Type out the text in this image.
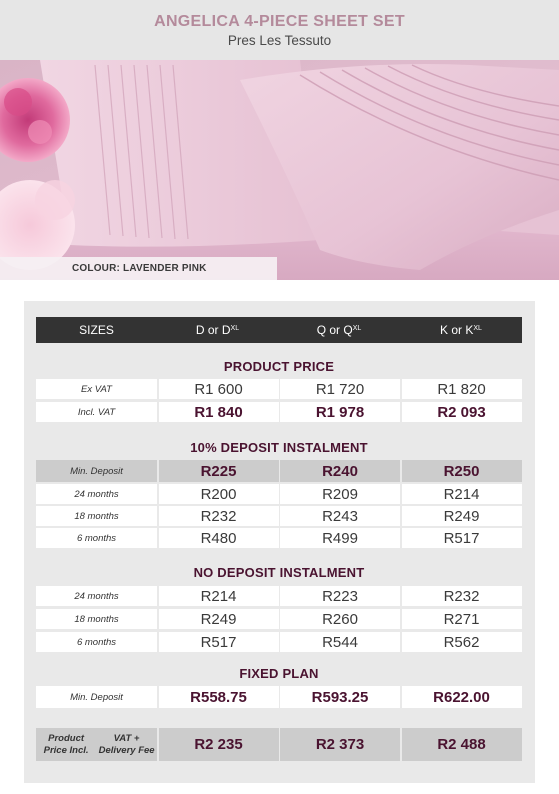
ANGELICA 4-PIECE SHEET SET
Pres Les Tessuto
COLOUR: LAVENDER PINK
SIZES	D or $D^{XL}$	Q or $Q^{XL}$	K or $K^{XL}$
PRODUCT PRICE
Ex VAT	R1 600	R1 720	R1 820
Incl. VAT	R1 840	R1 978	R2 093
10% DEPOSIT INSTALMENT
Min. Deposit	R225	R240	R250
24 months	R200	R209	R214
18 months	R232	R243	R249
6 months	R480	R499	R517
NO DEPOSIT INSTALMENT
24 months	R214	R223	R232
18 months	R249	R260	R271
6 months	R517	R544	R562
FIXED PLAN
Min. Deposit	R558.75	R593.25	R622.00
Product Price Incl.
VAT + Delivery Fee	R2 235	R2 373	R2 488
